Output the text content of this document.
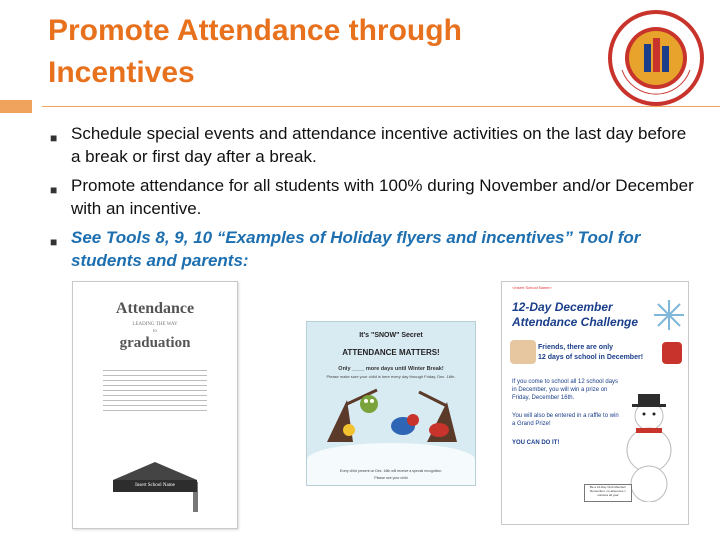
Promote Attendance through
Incentives
■ Schedule special events and attendance incentive activities on the last day before a break or first day after a break.
■ Promote attendance for all students with 100% during November and/or December with an incentive.
■ See Tools 8, 9, 10 “Examples of Holiday flyers and incentives” Tool for students and parents:
Attendance
LEADING THE WAY
to
graduation
Insert School Name
It's "SNOW" Secret
ATTENDANCE MATTERS!
Only ____ more days until Winter Break!
Please make sure your child is here every day through Friday, Dec. 16th.
Every child present on Dec. 16th will receive a special recognition.
Please see your child
<Insert School Name>
12-Day December
Attendance Challenge
Friends, there are only
12 days of school in December!
If you come to school all 12 school days in December, you will win a prize on Friday, December 16th.
You will also be entered in a raffle to win a Grand Prize!
YOU CAN DO IT!
Be a 12-Day Club Member! Remember, no absences = success all year
